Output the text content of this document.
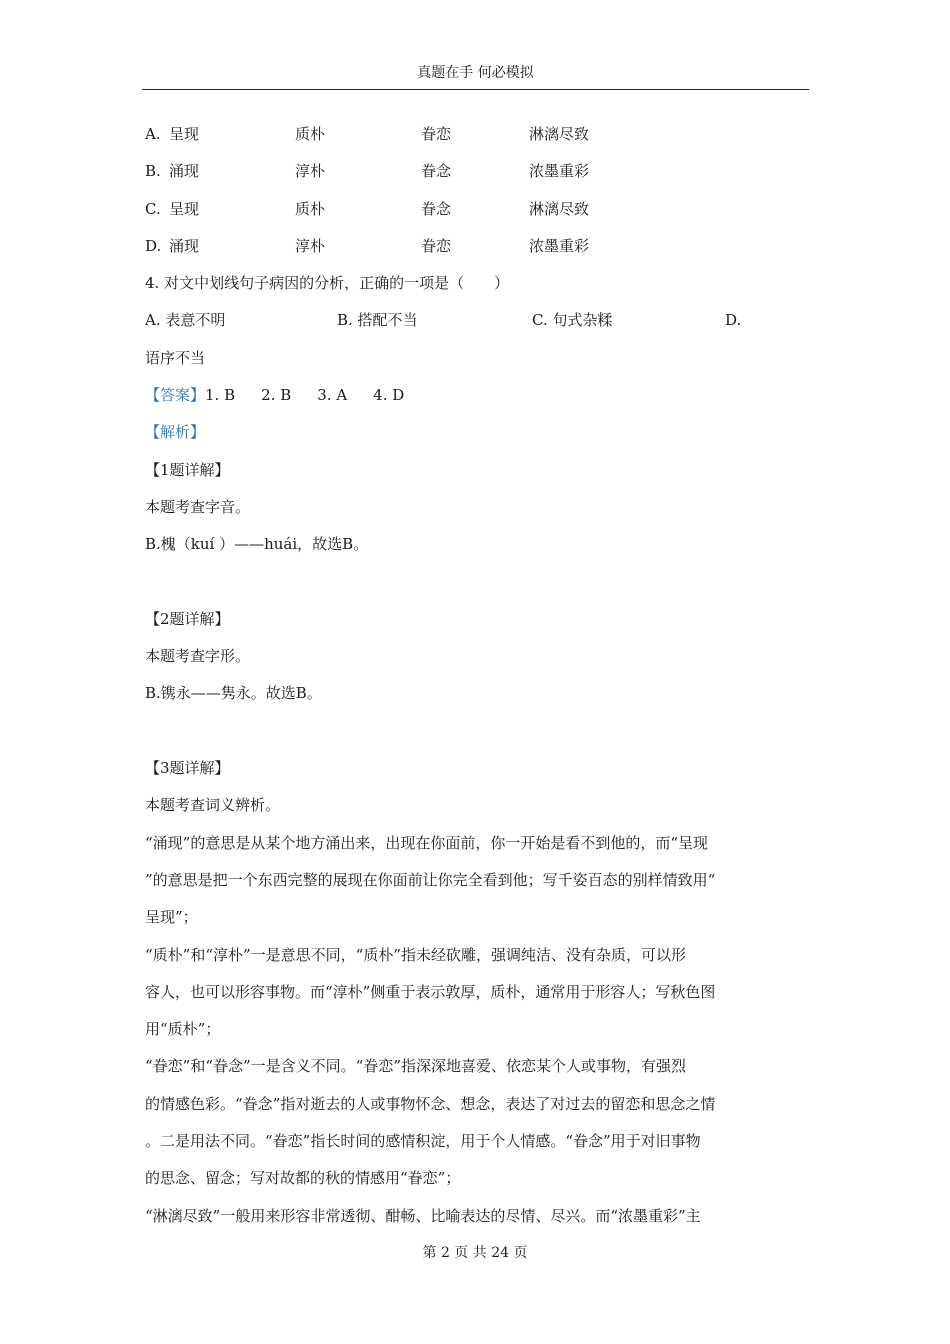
真题在手 何必模拟
A. 呈现	质朴	眷恋	淋漓尽致
B. 涌现	淳朴	眷念	浓墨重彩
C. 呈现	质朴	眷念	淋漓尽致
D. 涌现	淳朴	眷恋	浓墨重彩
4. 对文中划线句子病因的分析，正确的一项是（　　）
A. 表意不明	B. 搭配不当	C. 句式杂糅	D.
语序不当
【答案】1. B 2. B 3. A 4. D
【解析】
【1题详解】
本题考查字音。
B.槐（kuí ）——huái，故选B。
【2题详解】
本题考查字形。
B.镌永——隽永。故选B。
【3题详解】
本题考查词义辨析。
“涌现”的意思是从某个地方涌出来，出现在你面前，你一开始是看不到他的，而“呈现
”的意思是把一个东西完整的展现在你面前让你完全看到他；写千姿百态的别样情致用“
呈现”；
“质朴”和“淳朴”一是意思不同，“质朴”指未经砍雕，强调纯洁、没有杂质，可以形
容人，也可以形容事物。而“淳朴”侧重于表示敦厚，质朴，通常用于形容人；写秋色图
用“质朴”；
“眷恋”和“眷念”一是含义不同。“眷恋”指深深地喜爱、依恋某个人或事物，有强烈
的情感色彩。“眷念”指对逝去的人或事物怀念、想念，表达了对过去的留恋和思念之情
。二是用法不同。“眷恋”指长时间的感情积淀，用于个人情感。“眷念”用于对旧事物
的思念、留念；写对故都的秋的情感用“眷恋”；
“淋漓尽致”一般用来形容非常透彻、酣畅、比喻表达的尽情、尽兴。而“浓墨重彩”主
第 2 页 共 24 页
